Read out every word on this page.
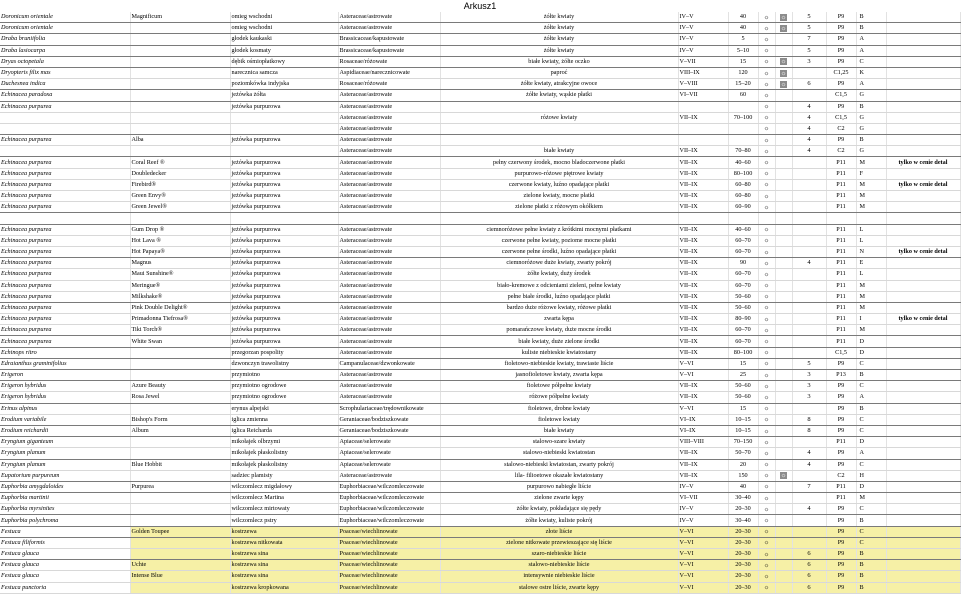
Arkusz1
Doronicum orientale	Magnificum	omieg wschodni	Asteraceae/astrowate	żółte kwiaty	IV–V	40	☼	☼	5	P9	B	
Doronicum orientale		omieg wschodni	Asteraceae/astrowate	żółte kwiaty	IV–V	40	☼	☼	5	P9	B	
Draba bruniifolia		głodek kaukaski	Brassicaceae/kapustowate	żółte kwiaty	IV–V	5	☼		7	P9	A	
Draba lasiocarpa		głodek kosmaty	Brassicaceae/kapustowate	żółte kwiaty	IV–V	5–10	☼		5	P9	A	
Dryas octopetala		dębik ośmiopłatkowy	Rosaceae/różowate	białe kwiaty, żółte oczko	V–VII	15	☼	☼	3	P9	C	
Dryopteris filix mas		narecznica samcza	Aspidiaceae/narecznicowate	paproć	VIII–IX	120	☼	☼		C1,25	K	
Duchesnea indica		poziomkówka indyjska	Rosaceae/różowate	żółte kwiaty, atrakcyjne owoce	V–VIII	15–20	☼	☼	6	P9	A	
Echinacea paradoxa		jeżówka żółta	Asteraceae/astrowate	żółte kwiaty, wąskie płatki	VI–VII	60	☼			C1,5	G	
Echinacea purpurea		jeżówka purpurowa	Asteraceae/astrowate				☼		4	P9	B	
			Asteraceae/astrowate	różowe kwiaty	VII–IX	70–100	☼		4	C1,5	G	
			Asteraceae/astrowate				☼		4	C2	G	
Echinacea purpurea	Alba	jeżówka purpurowa	Asteraceae/astrowate				☼		4	P9	B	
			Asteraceae/astrowate	białe kwiaty	VII–IX	70–80	☼		4	C2	G	
Echinacea purpurea	Coral Reef ®	jeżówka purpurowa	Asteraceae/astrowate	pełny czerwony środek, mocno bladoczerwone płatki	VII–IX	40–60	☼			P11	M	tylko w cenie detal
Echinacea purpurea	Doubledecker	jeżówka purpurowa	Asteraceae/astrowate	purpurowo-różowe piętrowe kwiaty	VII–IX	80–100	☼			P11	F	
Echinacea purpurea	Firebird®	jeżówka purpurowa	Asteraceae/astrowate	czerwone kwiaty, luźno opadające płatki	VII–IX	60–80	☼			P11	M	tylko w cenie detal
Echinacea purpurea	Green Envy®	jeżówka purpurowa	Asteraceae/astrowate	zielone kwiaty, mocne płatki	VII–IX	60–80	☼			P11	M	
Echinacea purpurea	Green Jewel®	jeżówka purpurowa	Asteraceae/astrowate	zielone płatki z różowym okółkiem	VII–IX	60–90	☼			P11	M	

Echinacea purpurea	Gum Drop ®	jeżówka purpurowa	Asteraceae/astrowate	ciemnoróżowe pełne kwiaty z krótkimi mocnymi płatkami	VII–IX	40–60	☼			P11	L	
Echinacea purpurea	Hot Lava ®	jeżówka purpurowa	Asteraceae/astrowate	czerwone pełne kwiaty, poziome mocne płatki	VII–IX	60–70	☼			P11	L	
Echinacea purpurea	Hot Papaya®	jeżówka purpurowa	Asteraceae/astrowate	czerwone pełne środki, luźno opadające płatki	VII–IX	60–70	☼			P11	N	tylko w cenie detal
Echinacea purpurea	Magnus	jeżówka purpurowa	Asteraceae/astrowate	ciemnoróżowe duże kwiaty, zwarty pokrój	VII–IX	90	☼		4	P11	E	
Echinacea purpurea	Maui Sunshine®	jeżówka purpurowa	Asteraceae/astrowate	żółte kwiaty, duży środek	VII–IX	60–70	☼			P11	L	
Echinacea purpurea	Meringue®	jeżówka purpurowa	Asteraceae/astrowate	biało-kremowe z odcieniami zieleni, pełne kwiaty	VII–IX	60–70	☼			P11	M	
Echinacea purpurea	Milkshake®	jeżówka purpurowa	Asteraceae/astrowate	pełne białe środki, luźno opadające płatki	VII–IX	50–60	☼			P11	M	
Echinacea purpurea	Pink Double Delight®	jeżówka purpurowa	Asteraceae/astrowate	bardzo duże różowe kwiaty, różowe płatki	VII–IX	50–60	☼			P11	M	
Echinacea purpurea	Primadonna Tiefrosa®	jeżówka purpurowa	Asteraceae/astrowate	zwarta kępa	VII–IX	80–90	☼			P11	I	tylko w cenie detal
Echinacea purpurea	Tiki Torch®	jeżówka purpurowa	Asteraceae/astrowate	pomarańczowe kwiaty, duże mocne środki	VII–IX	60–70	☼			P11	M	
Echinacea purpurea	White Swan	jeżówka purpurowa	Asteraceae/astrowate	białe kwiaty, duże zielone środki	VII–IX	60–70	☼			P11	D	
Echinops ritro		przegorzan pospolity	Asteraceae/astrowate	kuliste niebieskie kwiatostany	VII–IX	80–100	☼			C1,5	D	
Edraianthus graminifolius		dzwonczyn trawolistny	Campanulaceae/dzwonkowate	fioletowo-niebieskie kwiaty, trawiaste liście	V–VI	15	☼		5	P9	C	
Erigeron		przymiotno	Asteraceae/astrowate	jasnofioletowe kwiaty, zwarta kępa	V–VI	25	☼		3	P13	B	
Erigeron hybridus	Azure Beauty	przymiotno ogrodowe	Asteraceae/astrowate	fioletowe półpełne kwiaty	VII–IX	50–60	☼		3	P9	C	
Erigeron hybridus	Rosa Jewel	przymiotno ogrodowe	Asteraceae/astrowate	różowe półpełne kwiaty	VII–IX	50–60	☼		3	P9	A	
Erinus alpinus		erynus alpejski	Scrophulariaceae/trędownikowate	fioletowe, drobne kwiaty	V–VI	15	☼			P9	B	
Erodium variabile	Bishop's Form	iglica zmienna	Geraniaceae/bodziszkowate	fioletowe kwiaty	VI–IX	10–15	☼		8	P9	C	
Erodium reichardii	Album	iglica Reicharda	Geraniaceae/bodziszkowate	białe kwiaty	VI–IX	10–15	☼		8	P9	C	
Eryngium giganteum		mikołajek olbrzymi	Apiaceae/selerowate	stalowo-szare kwiaty	VIII–VIII	70–150	☼			P11	D	
Eryngium planum		mikołajek płaskolistny	Apiaceae/selerowate	stalowo-niebieski kwiatostan	VII–IX	50–70	☼		4	P9	A	
Eryngium planum	Blue Hobbit	mikołajek płaskolistny	Apiaceae/selerowate	stalowo-niebieski kwiatostan, zwarty pokrój	VII–IX	20	☼		4	P9	C	
Eupatorium purpureum		sadziec plamisty	Asteraceae/astrowate	lila- filioetowe okazałe kwiatostany	VII–IX	150	☼	☼		C2	H	
Euphorbia amygdaloides	Purpurea	wilczomlecz migdałowy	Euphorbiaceae/wilczomleczowate	purpurowo nabiegłe liście	IV–V	40	☼		7	P11	D	
Euphorbia martinii		wilczomlecz Martina	Euphorbiaceae/wilczomleczowate	zielone zwarte kępy	VI–VII	30–40	☼			P11	M	
Euphorbia myrsinites		wilczomlecz mirtowaty	Euphorbiaceae/wilczomleczowate	żółte kwiaty, pokładające się pędy	IV–V	20–30	☼		4	P9	C	
Euphorbia polychroma		wilczomlecz pstry	Euphorbiaceae/wilczomleczowate	żółte kwiaty, kuliste pokrój	IV–V	30–40	☼			P9	B	
Festuca	Golden Toupee	kostrzewa	Poaceae/wiechlinowate	złote liście	V–VI	20–30	☼			P9	C	
Festuca filiformis		kostrzewa nitkowata	Poaceae/wiechlinowate	zielone nitkowate przewieszające się liście	V–VI	20–30	☼			P9	C	
Festuca glauca		kostrzewa sina	Poaceae/wiechlinowate	szaro-niebieskie liście	V–VI	20–30	☼		6	P9	B	
Festuca glauca	Uchte	kostrzewa sina	Poaceae/wiechlinowate	stalowo-niebieskie liście	V–VI	20–30	☼		6	P9	B	
Festuca glauca	Intense Blue	kostrzewa sina	Poaceae/wiechlinowate	intensywnie niebieskie liście	V–VI	20–30	☼		6	P9	B	
Festuca punctoria		kostrzewa kropkowana	Poaceae/wiechlinowate	stalowe ostre liście, zwarte kępy	V–VI	20–30	☼		6	P9	B	
